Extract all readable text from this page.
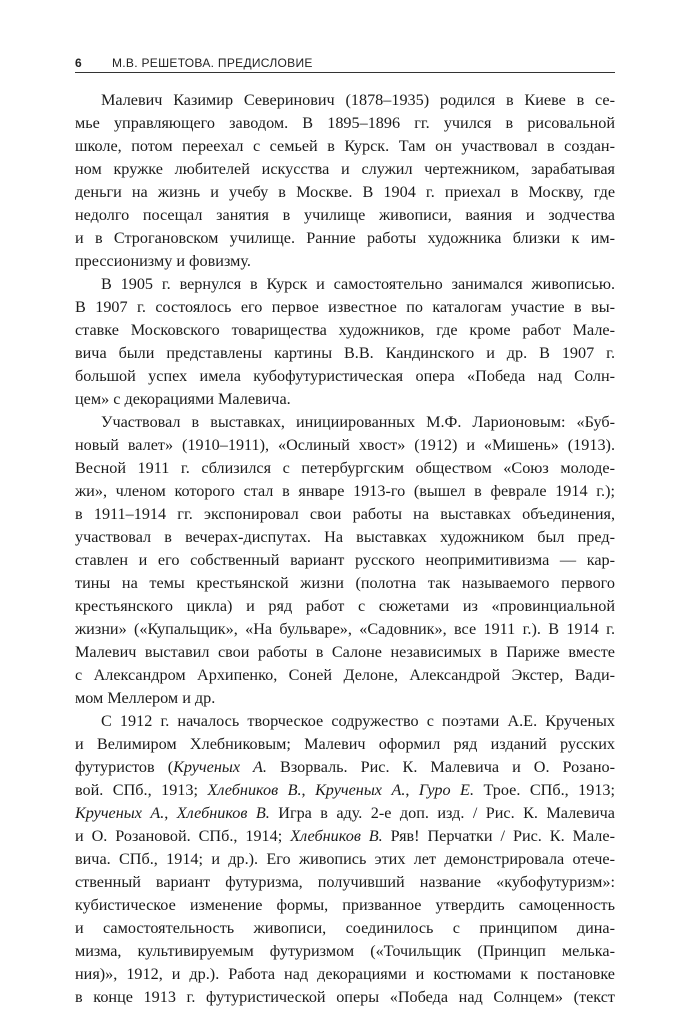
6	М.В. РЕШЕТОВА. ПРЕДИСЛОВИЕ
Малевич Казимир Северинович (1878–1935) родился в Киеве в се-
мье управляющего заводом. В 1895–1896 гг. учился в рисовальной
школе, потом переехал с семьей в Курск. Там он участвовал в создан-
ном кружке любителей искусства и служил чертежником, зарабатывая
деньги на жизнь и учебу в Москве. В 1904 г. приехал в Москву, где
недолго посещал занятия в училище живописи, ваяния и зодчества
и в Строгановском училище. Ранние работы художника близки к им-
прессионизму и фовизму.
В 1905 г. вернулся в Курск и самостоятельно занимался живописью.
В 1907 г. состоялось его первое известное по каталогам участие в вы-
ставке Московского товарищества художников, где кроме работ Мале-
вича были представлены картины В.В. Кандинского и др. В 1907 г.
большой успех имела кубофутуристическая опера «Победа над Солн-
цем» с декорациями Малевича.
Участвовал в выставках, инициированных М.Ф. Ларионовым: «Буб-
новый валет» (1910–1911), «Ослиный хвост» (1912) и «Мишень» (1913).
Весной 1911 г. сблизился с петербургским обществом «Союз молоде-
жи», членом которого стал в январе 1913-го (вышел в феврале 1914 г.);
в 1911–1914 гг. экспонировал свои работы на выставках объединения,
участвовал в вечерах-диспутах. На выставках художником был пред-
ставлен и его собственный вариант русского неопримитивизма — кар-
тины на темы крестьянской жизни (полотна так называемого первого
крестьянского цикла) и ряд работ с сюжетами из «провинциальной
жизни» («Купальщик», «На бульваре», «Садовник», все 1911 г.). В 1914 г.
Малевич выставил свои работы в Салоне независимых в Париже вместе
с Александром Архипенко, Соней Делоне, Александрой Экстер, Вади-
мом Меллером и др.
С 1912 г. началось творческое содружество с поэтами А.Е. Крученых
и Велимиром Хлебниковым; Малевич оформил ряд изданий русских
футуристов (Крученых А. Взорваль. Рис. К. Малевича и О. Розано-
вой. СПб., 1913; Хлебников В., Крученых А., Гуро Е. Трое. СПб., 1913;
Крученых А., Хлебников В. Игра в аду. 2-е доп. изд. / Рис. К. Малевича
и О. Розановой. СПб., 1914; Хлебников В. Ряв! Перчатки / Рис. К. Мале-
вича. СПб., 1914; и др.). Его живопись этих лет демонстрировала отече-
ственный вариант футуризма, получивший название «кубофутуризм»:
кубистическое изменение формы, призванное утвердить самоценность
и самостоятельность живописи, соединилось с принципом дина-
мизма, культивируемым футуризмом («Точильщик (Принцип мелька-
ния)», 1912, и др.). Работа над декорациями и костюмами к постановке
в конце 1913 г. футуристической оперы «Победа над Солнцем» (текст
